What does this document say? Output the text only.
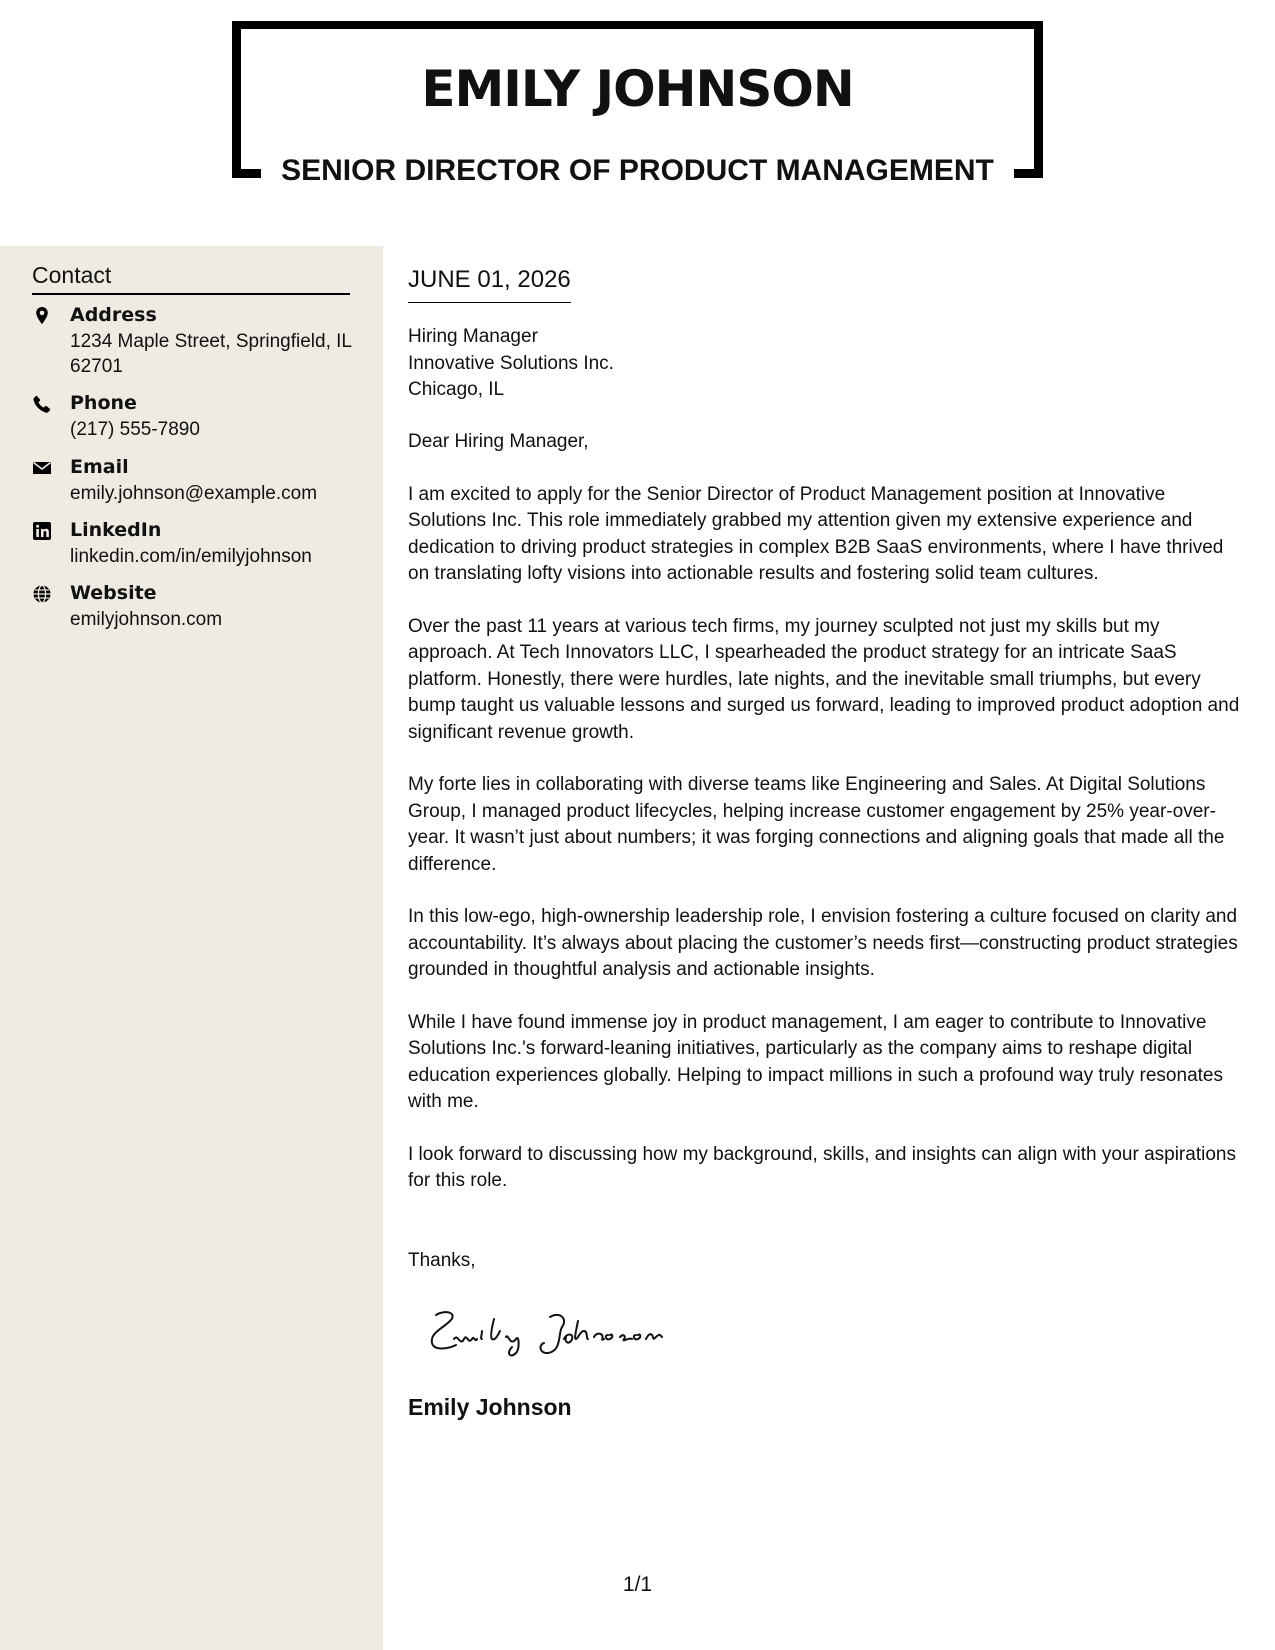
EMILY JOHNSON
SENIOR DIRECTOR OF PRODUCT MANAGEMENT
Contact
Address
1234 Maple Street, Springfield, IL 62701
Phone
(217) 555-7890
Email
emily.johnson@example.com
LinkedIn
linkedin.com/in/emilyjohnson
Website
emilyjohnson.com
JUNE 01, 2026
Hiring Manager
Innovative Solutions Inc.
Chicago, IL

Dear Hiring Manager,

I am excited to apply for the Senior Director of Product Management position at Innovative Solutions Inc. This role immediately grabbed my attention given my extensive experience and dedication to driving product strategies in complex B2B SaaS environments, where I have thrived on translating lofty visions into actionable results and fostering solid team cultures.

Over the past 11 years at various tech firms, my journey sculpted not just my skills but my approach. At Tech Innovators LLC, I spearheaded the product strategy for an intricate SaaS platform. Honestly, there were hurdles, late nights, and the inevitable small triumphs, but every bump taught us valuable lessons and surged us forward, leading to improved product adoption and significant revenue growth.

My forte lies in collaborating with diverse teams like Engineering and Sales. At Digital Solutions Group, I managed product lifecycles, helping increase customer engagement by 25% year-over-year. It wasn’t just about numbers; it was forging connections and aligning goals that made all the difference.

In this low-ego, high-ownership leadership role, I envision fostering a culture focused on clarity and accountability. It’s always about placing the customer’s needs first—constructing product strategies grounded in thoughtful analysis and actionable insights.

While I have found immense joy in product management, I am eager to contribute to Innovative Solutions Inc.'s forward-leaning initiatives, particularly as the company aims to reshape digital education experiences globally. Helping to impact millions in such a profound way truly resonates with me.

I look forward to discussing how my background, skills, and insights can align with your aspirations for this role.

Thanks,
Emily Johnson
1/1
